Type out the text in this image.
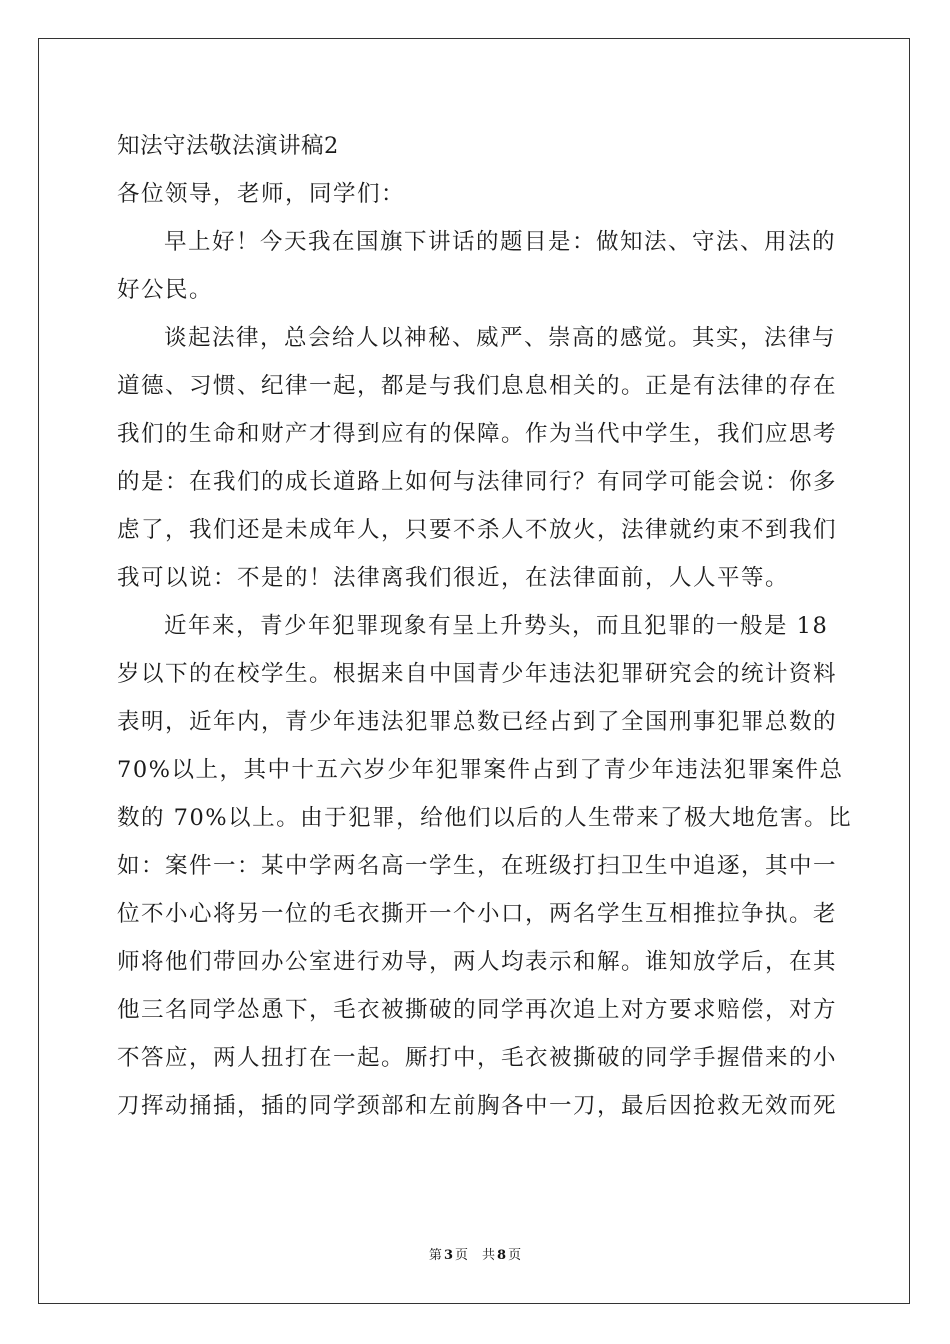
知法守法敬法演讲稿2
各位领导，老师，同学们：
早上好！今天我在国旗下讲话的题目是：做知法、守法、用法的
好公民。
谈起法律，总会给人以神秘、威严、崇高的感觉。其实，法律与
道德、习惯、纪律一起，都是与我们息息相关的。正是有法律的存在
我们的生命和财产才得到应有的保障。作为当代中学生，我们应思考
的是：在我们的成长道路上如何与法律同行？有同学可能会说：你多
虑了，我们还是未成年人，只要不杀人不放火，法律就约束不到我们
我可以说：不是的！法律离我们很近，在法律面前，人人平等。
近年来，青少年犯罪现象有呈上升势头，而且犯罪的一般是 18
岁以下的在校学生。根据来自中国青少年违法犯罪研究会的统计资料
表明，近年内，青少年违法犯罪总数已经占到了全国刑事犯罪总数的
70%以上，其中十五六岁少年犯罪案件占到了青少年违法犯罪案件总
数的 70%以上。由于犯罪，给他们以后的人生带来了极大地危害。比
如：案件一：某中学两名高一学生，在班级打扫卫生中追逐，其中一
位不小心将另一位的毛衣撕开一个小口，两名学生互相推拉争执。老
师将他们带回办公室进行劝导，两人均表示和解。谁知放学后，在其
他三名同学怂恿下，毛衣被撕破的同学再次追上对方要求赔偿，对方
不答应，两人扭打在一起。厮打中，毛衣被撕破的同学手握借来的小
刀挥动捅插，插的同学颈部和左前胸各中一刀，最后因抢救无效而死
第 3 页 共 8 页
